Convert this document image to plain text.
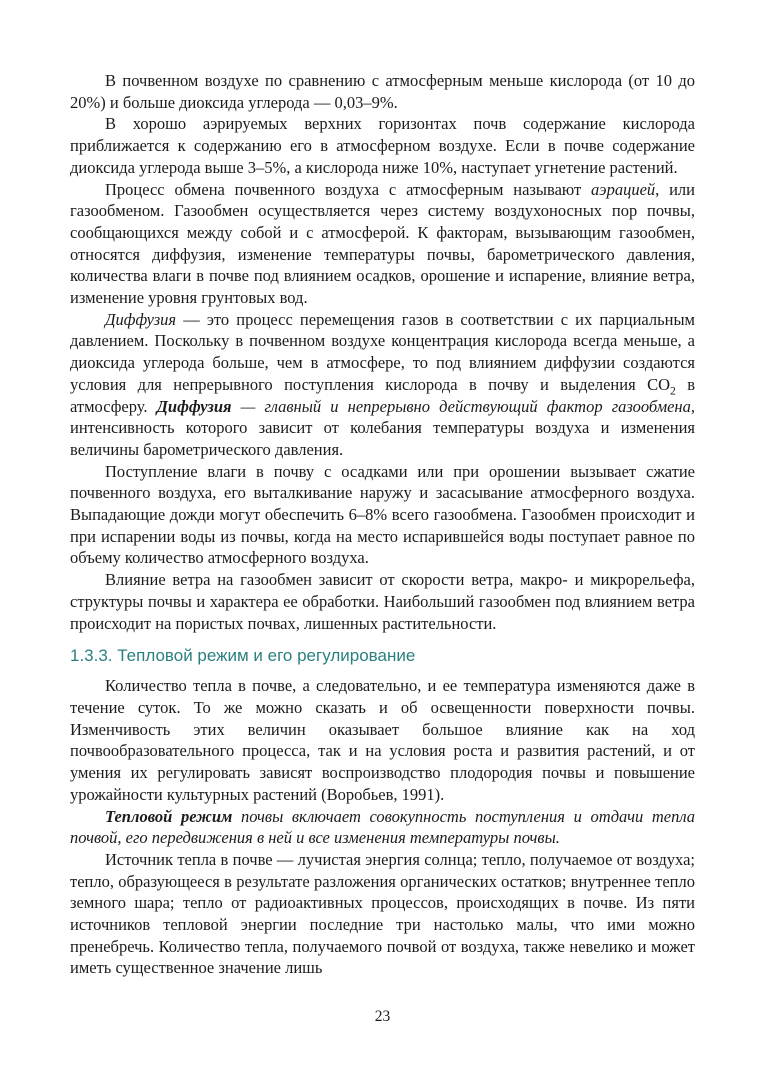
В почвенном воздухе по сравнению с атмосферным меньше кислорода (от 10 до 20%) и больше диоксида углерода — 0,03–9%.

В хорошо аэрируемых верхних горизонтах почв содержание кислорода приближается к содержанию его в атмосферном воздухе. Если в почве содержание диоксида углерода выше 3–5%, а кислорода ниже 10%, наступает угнетение растений.

Процесс обмена почвенного воздуха с атмосферным называют аэрацией, или газообменом. Газообмен осуществляется через систему воздухоносных пор почвы, сообщающихся между собой и с атмосферой. К факторам, вызывающим газообмен, относятся диффузия, изменение температуры почвы, барометрического давления, количества влаги в почве под влиянием осадков, орошение и испарение, влияние ветра, изменение уровня грунтовых вод.

Диффузия — это процесс перемещения газов в соответствии с их парциальным давлением. Поскольку в почвенном воздухе концентрация кислорода всегда меньше, а диоксида углерода больше, чем в атмосфере, то под влиянием диффузии создаются условия для непрерывного поступления кислорода в почву и выделения $CO_2$ в атмосферу. Диффузия — главный и непрерывно действующий фактор газообмена, интенсивность которого зависит от колебания температуры воздуха и изменения величины барометрического давления.

Поступление влаги в почву с осадками или при орошении вызывает сжатие почвенного воздуха, его выталкивание наружу и засасывание атмосферного воздуха. Выпадающие дожди могут обеспечить 6–8% всего газообмена. Газообмен происходит и при испарении воды из почвы, когда на место испарившейся воды поступает равное по объему количество атмосферного воздуха.

Влияние ветра на газообмен зависит от скорости ветра, макро- и микрорельефа, структуры почвы и характера ее обработки. Наибольший газообмен под влиянием ветра происходит на пористых почвах, лишенных растительности.

1.3.3. Тепловой режим и его регулирование

Количество тепла в почве, а следовательно, и ее температура изменяются даже в течение суток. То же можно сказать и об освещенности поверхности почвы. Изменчивость этих величин оказывает большое влияние как на ход почвообразовательного процесса, так и на условия роста и развития растений, и от умения их регулировать зависят воспроизводство плодородия почвы и повышение урожайности культурных растений (Воробьев, 1991).

Тепловой режим почвы включает совокупность поступления и отдачи тепла почвой, его передвижения в ней и все изменения температуры почвы.

Источник тепла в почве — лучистая энергия солнца; тепло, получаемое от воздуха; тепло, образующееся в результате разложения органических остатков; внутреннее тепло земного шара; тепло от радиоактивных процессов, происходящих в почве. Из пяти источников тепловой энергии последние три настолько малы, что ими можно пренебречь. Количество тепла, получаемого почвой от воздуха, также невелико и может иметь существенное значение лишь

23
